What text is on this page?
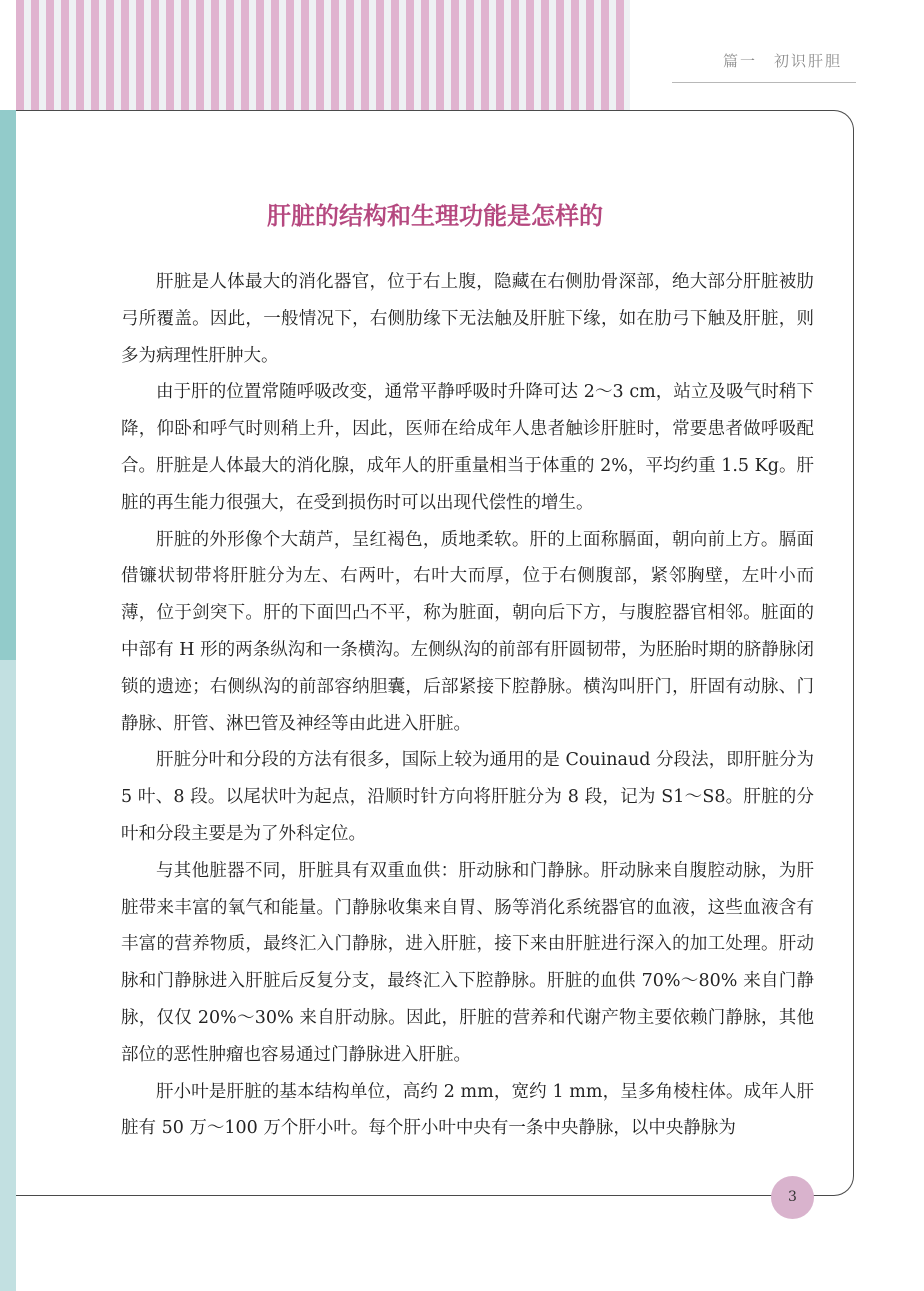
篇一　初识肝胆
肝脏的结构和生理功能是怎样的

肝脏是人体最大的消化器官，位于右上腹，隐藏在右侧肋骨深部，绝大部分肝脏被肋弓所覆盖。因此，一般情况下，右侧肋缘下无法触及肝脏下缘，如在肋弓下触及肝脏，则多为病理性肝肿大。

由于肝的位置常随呼吸改变，通常平静呼吸时升降可达 2～3 cm，站立及吸气时稍下降，仰卧和呼气时则稍上升，因此，医师在给成年人患者触诊肝脏时，常要患者做呼吸配合。肝脏是人体最大的消化腺，成年人的肝重量相当于体重的 2%，平均约重 1.5 Kg。肝脏的再生能力很强大，在受到损伤时可以出现代偿性的增生。

肝脏的外形像个大葫芦，呈红褐色，质地柔软。肝的上面称膈面，朝向前上方。膈面借镰状韧带将肝脏分为左、右两叶，右叶大而厚，位于右侧腹部，紧邻胸壁，左叶小而薄，位于剑突下。肝的下面凹凸不平，称为脏面，朝向后下方，与腹腔器官相邻。脏面的中部有 H 形的两条纵沟和一条横沟。左侧纵沟的前部有肝圆韧带，为胚胎时期的脐静脉闭锁的遗迹；右侧纵沟的前部容纳胆囊，后部紧接下腔静脉。横沟叫肝门，肝固有动脉、门静脉、肝管、淋巴管及神经等由此进入肝脏。

肝脏分叶和分段的方法有很多，国际上较为通用的是 Couinaud 分段法，即肝脏分为 5 叶、8 段。以尾状叶为起点，沿顺时针方向将肝脏分为 8 段，记为 S1～S8。肝脏的分叶和分段主要是为了外科定位。

与其他脏器不同，肝脏具有双重血供：肝动脉和门静脉。肝动脉来自腹腔动脉，为肝脏带来丰富的氧气和能量。门静脉收集来自胃、肠等消化系统器官的血液，这些血液含有丰富的营养物质，最终汇入门静脉，进入肝脏，接下来由肝脏进行深入的加工处理。肝动脉和门静脉进入肝脏后反复分支，最终汇入下腔静脉。肝脏的血供 70%～80% 来自门静脉，仅仅 20%～30% 来自肝动脉。因此，肝脏的营养和代谢产物主要依赖门静脉，其他部位的恶性肿瘤也容易通过门静脉进入肝脏。

肝小叶是肝脏的基本结构单位，高约 2 mm，宽约 1 mm，呈多角棱柱体。成年人肝脏有 50 万～100 万个肝小叶。每个肝小叶中央有一条中央静脉，以中央静脉为

3
